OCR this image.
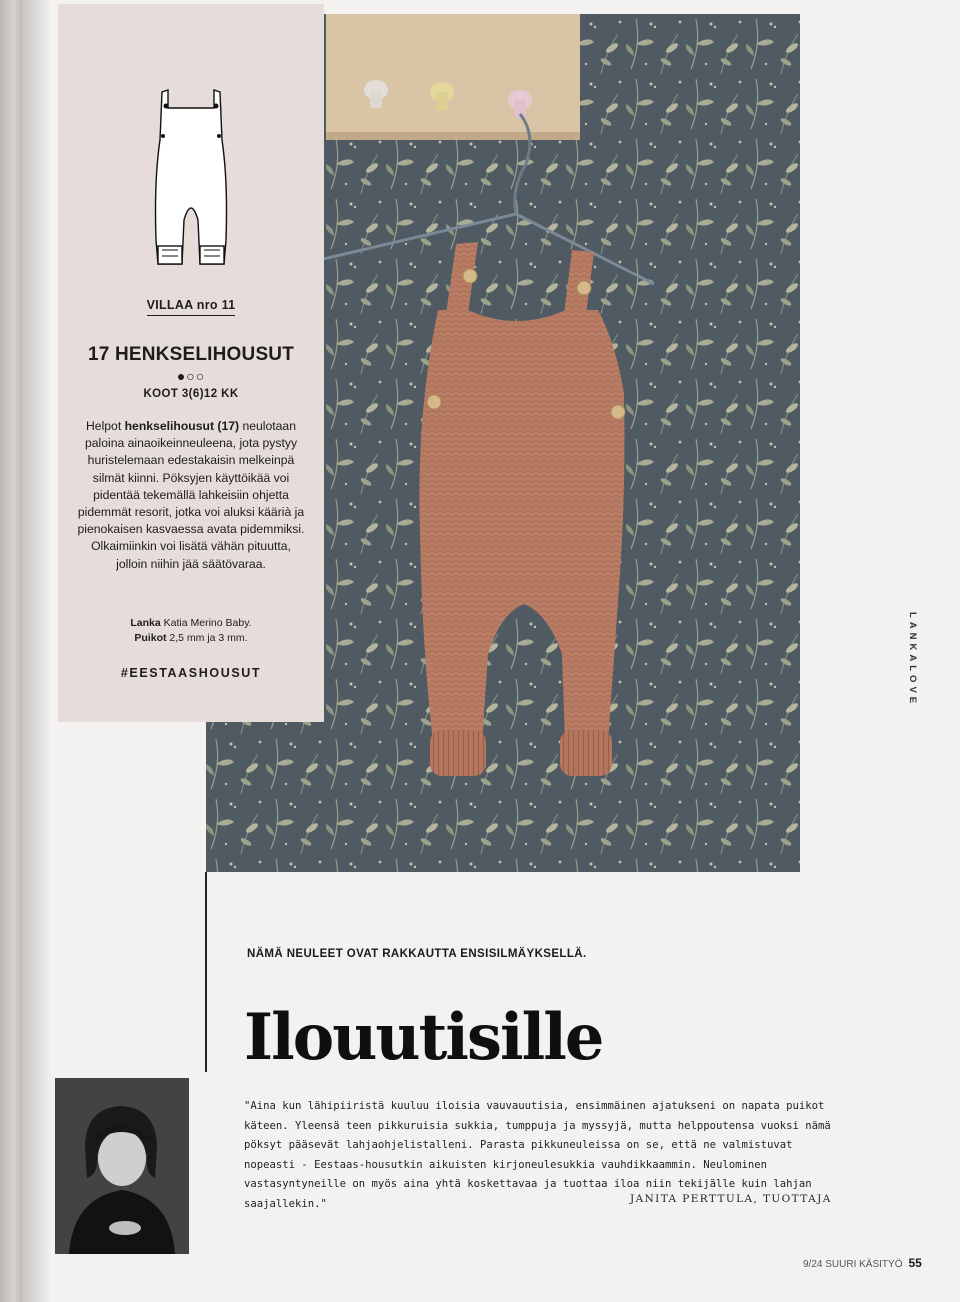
VILLAA nro 11
17 HENKSELIHOUSUT
●○○
KOOT 3(6)12 KK
Helpot henkselihousut (17) neulotaan paloina ainaoikeinneuleena, jota pystyy huristelemaan edestakaisin melkeinpä silmät kiinni. Pöksyjen käyttöikää voi pidentää tekemällä lahkeisiin ohjetta pidemmät resorit, jotka voi aluksi käärià ja pienokaisen kasvaessa avata pidemmiksi. Olkaimiinkin voi lisätä vähän pituutta, jolloin niihin jää säätövaraa.
Lanka Katia Merino Baby.
Puikot 2,5 mm ja 3 mm.
#EESTAASHOUSUT	LANKALOVE
NÄMÄ NEULEET OVAT RAKKAUTTA ENSISILMÄYKSELLÄ.
Ilouutisille
"Aina kun lähipiiristä kuuluu iloisia vauvauutisia, ensimmäinen ajatukseni on napata puikot käteen. Yleensä teen pikkuruisia sukkia, tumppuja ja myssyjä, mutta helppoutensa vuoksi nämä pöksyt pääsevät lahjaohjelistalleni. Parasta pikkuneuleissa on se, että ne valmistuvat nopeasti - Eestaas-housutkin aikuisten kirjoneulesukkia vauhdikkaammin. Neulominen vastasyntyneille on myös aina yhtä koskettavaa ja tuottaa iloa niin tekijälle kuin lahjan saajallekin."	JANITA PERTTULA, TUOTTAJA
9/24 SUURI KÄSITYÖ 55
